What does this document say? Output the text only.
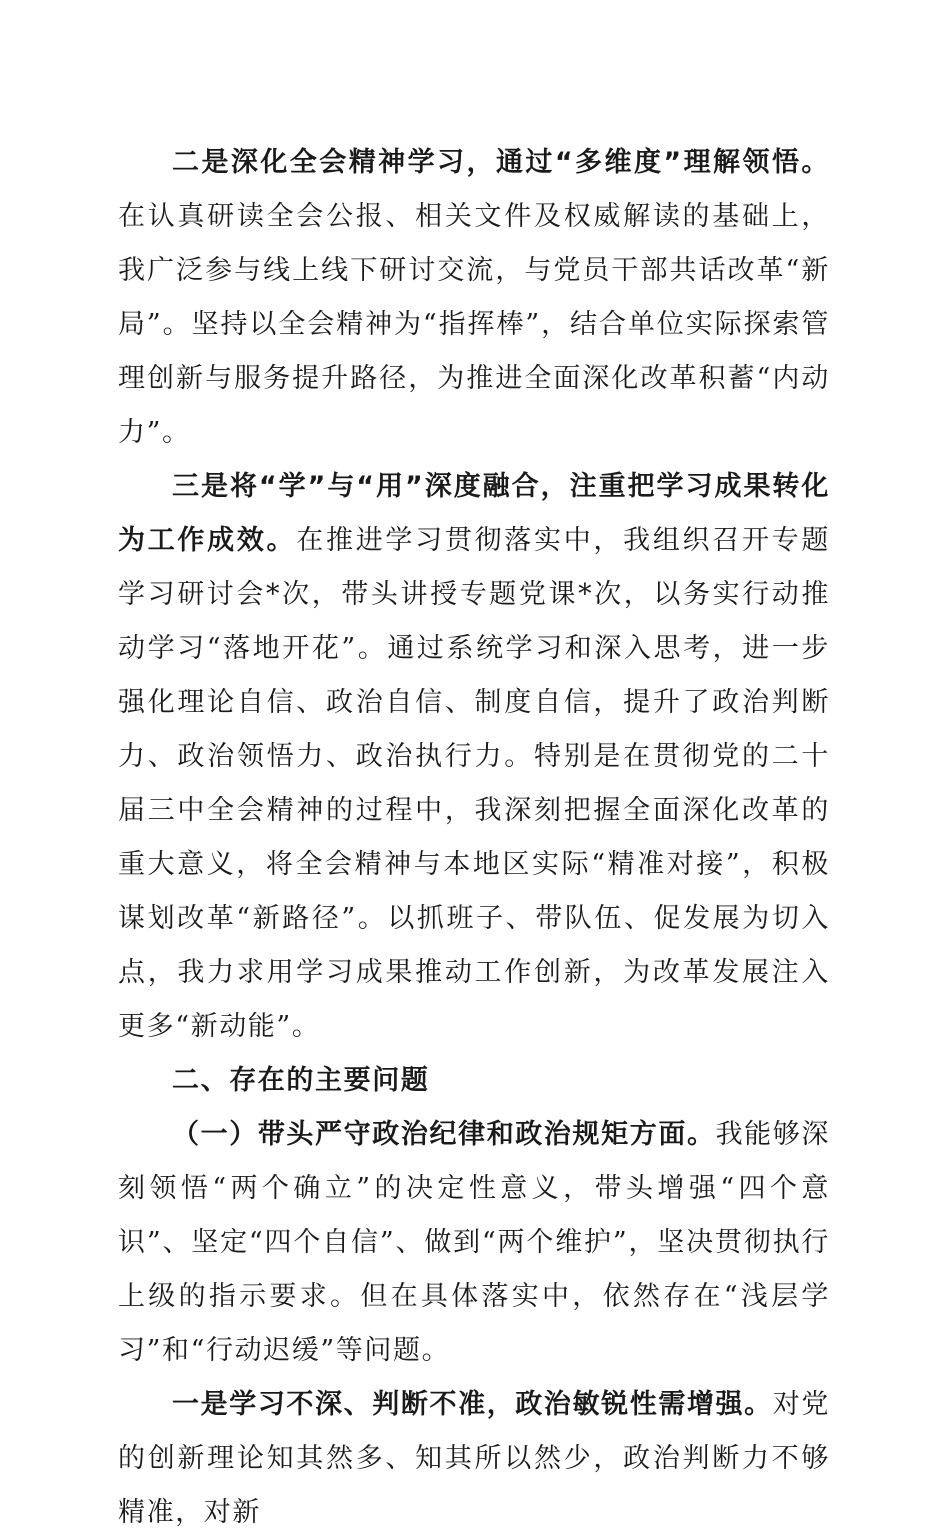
二是深化全会精神学习，通过“多维度”理解领悟。在认真研读全会公报、相关文件及权威解读的基础上，我广泛参与线上线下研讨交流，与党员干部共话改革“新局”。坚持以全会精神为“指挥棒”，结合单位实际探索管理创新与服务提升路径，为推进全面深化改革积蓄“内动力”。

三是将“学”与“用”深度融合，注重把学习成果转化为工作成效。在推进学习贯彻落实中，我组织召开专题学习研讨会*次，带头讲授专题党课*次，以务实行动推动学习“落地开花”。通过系统学习和深入思考，进一步强化理论自信、政治自信、制度自信，提升了政治判断力、政治领悟力、政治执行力。特别是在贯彻党的二十届三中全会精神的过程中，我深刻把握全面深化改革的重大意义，将全会精神与本地区实际“精准对接”，积极谋划改革“新路径”。以抓班子、带队伍、促发展为切入点，我力求用学习成果推动工作创新，为改革发展注入更多“新动能”。

二、存在的主要问题

（一）带头严守政治纪律和政治规矩方面。我能够深刻领悟“两个确立”的决定性意义，带头增强“四个意识”、坚定“四个自信”、做到“两个维护”，坚决贯彻执行上级的指示要求。但在具体落实中，依然存在“浅层学习”和“行动迟缓”等问题。

一是学习不深、判断不准，政治敏锐性需增强。对党的创新理论知其然多、知其所以然少，政治判断力不够精准，对新
